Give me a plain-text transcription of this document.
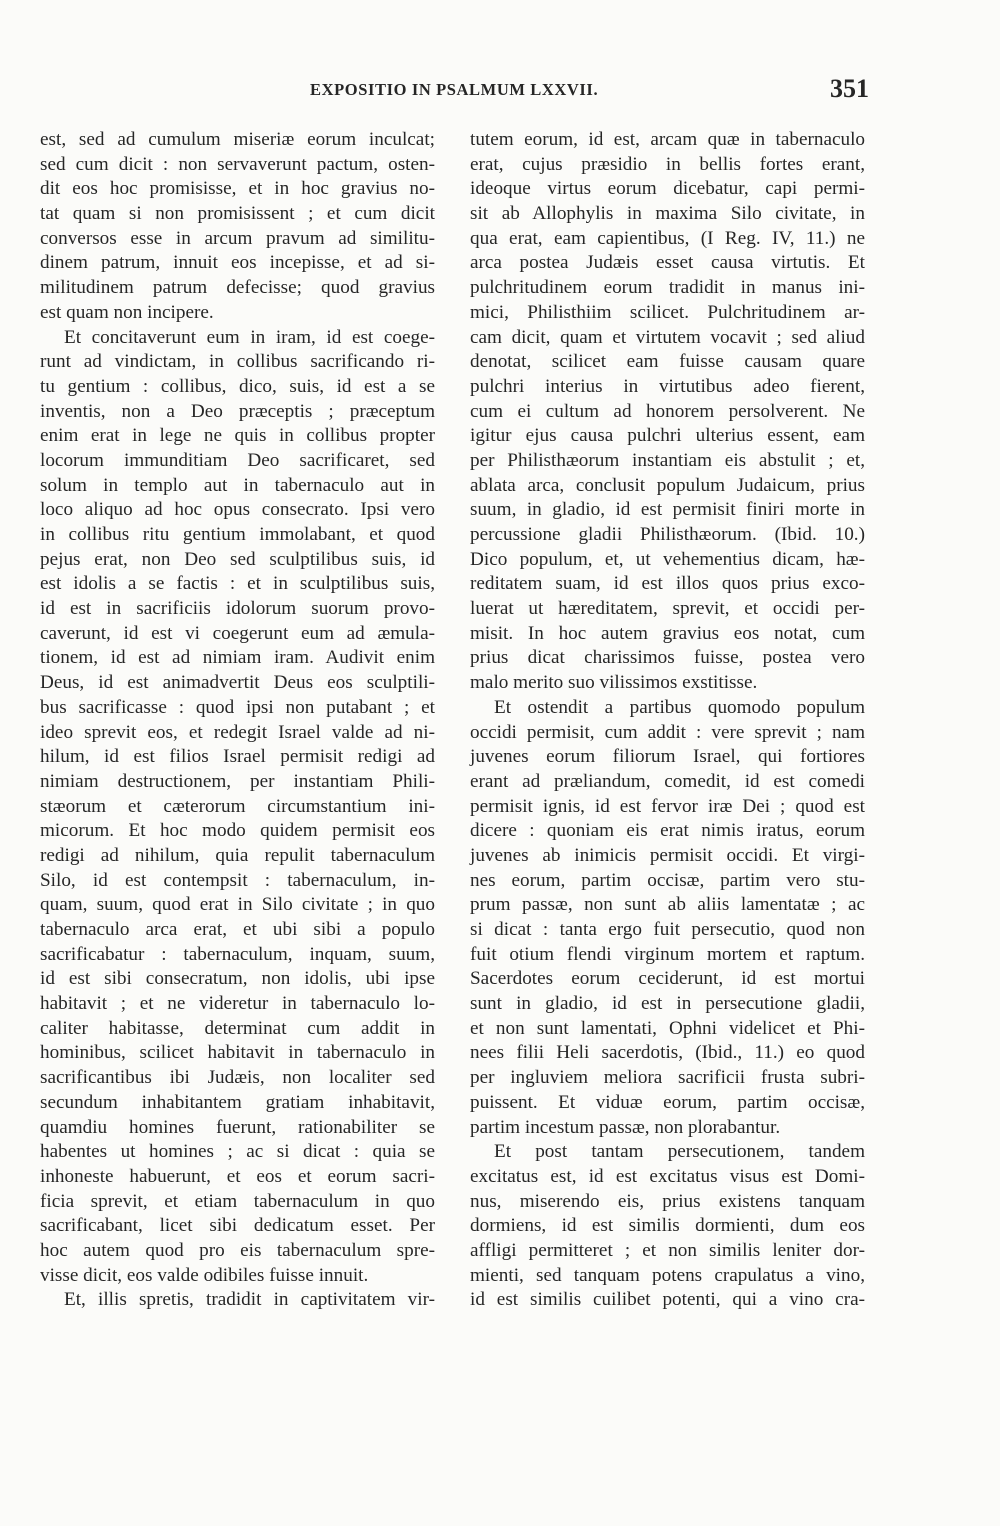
EXPOSITIO IN PSALMUM LXXVII.	351
est, sed ad cumulum miseriæ eorum inculcat;
sed cum dicit : non servaverunt pactum, osten-
dit eos hoc promisisse, et in hoc gravius no-
tat quam si non promisissent ; et cum dicit
conversos esse in arcum pravum ad similitu-
dinem patrum, innuit eos incepisse, et ad si-
militudinem patrum defecisse; quod gravius
est quam non incipere.
Et concitaverunt eum in iram, id est coege-
runt ad vindictam, in collibus sacrificando ri-
tu gentium : collibus, dico, suis, id est a se
inventis, non a Deo præceptis ; præceptum
enim erat in lege ne quis in collibus propter
locorum immunditiam Deo sacrificaret, sed
solum in templo aut in tabernaculo aut in
loco aliquo ad hoc opus consecrato. Ipsi vero
in collibus ritu gentium immolabant, et quod
pejus erat, non Deo sed sculptilibus suis, id
est idolis a se factis : et in sculptilibus suis,
id est in sacrificiis idolorum suorum provo-
caverunt, id est vi coegerunt eum ad æmula-
tionem, id est ad nimiam iram. Audivit enim
Deus, id est animadvertit Deus eos sculptili-
bus sacrificasse : quod ipsi non putabant ; et
ideo sprevit eos, et redegit Israel valde ad ni-
hilum, id est filios Israel permisit redigi ad
nimiam destructionem, per instantiam Phili-
stæorum et cæterorum circumstantium ini-
micorum. Et hoc modo quidem permisit eos
redigi ad nihilum, quia repulit tabernaculum
Silo, id est contempsit : tabernaculum, in-
quam, suum, quod erat in Silo civitate ; in quo
tabernaculo arca erat, et ubi sibi a populo
sacrificabatur : tabernaculum, inquam, suum,
id est sibi consecratum, non idolis, ubi ipse
habitavit ; et ne videretur in tabernaculo lo-
caliter habitasse, determinat cum addit in
hominibus, scilicet habitavit in tabernaculo in
sacrificantibus ibi Judæis, non localiter sed
secundum inhabitantem gratiam inhabitavit,
quamdiu homines fuerunt, rationabiliter se
habentes ut homines ; ac si dicat : quia se
inhoneste habuerunt, et eos et eorum sacri-
ficia sprevit, et etiam tabernaculum in quo
sacrificabant, licet sibi dedicatum esset. Per
hoc autem quod pro eis tabernaculum spre-
visse dicit, eos valde odibiles fuisse innuit.
Et, illis spretis, tradidit in captivitatem vir-
tutem eorum, id est, arcam quæ in tabernaculo
erat, cujus præsidio in bellis fortes erant,
ideoque virtus eorum dicebatur, capi permi-
sit ab Allophylis in maxima Silo civitate, in
qua erat, eam capientibus, (I Reg. IV, 11.) ne
arca postea Judæis esset causa virtutis. Et
pulchritudinem eorum tradidit in manus ini-
mici, Philisthiim scilicet. Pulchritudinem ar-
cam dicit, quam et virtutem vocavit ; sed aliud
denotat, scilicet eam fuisse causam quare
pulchri interius in virtutibus adeo fierent,
cum ei cultum ad honorem persolverent. Ne
igitur ejus causa pulchri ulterius essent, eam
per Philisthæorum instantiam eis abstulit ; et,
ablata arca, conclusit populum Judaicum, prius
suum, in gladio, id est permisit finiri morte in
percussione gladii Philisthæorum. (Ibid. 10.)
Dico populum, et, ut vehementius dicam, hæ-
reditatem suam, id est illos quos prius exco-
luerat ut hæreditatem, sprevit, et occidi per-
misit. In hoc autem gravius eos notat, cum
prius dicat charissimos fuisse, postea vero
malo merito suo vilissimos exstitisse.
Et ostendit a partibus quomodo populum
occidi permisit, cum addit : vere sprevit ; nam
juvenes eorum filiorum Israel, qui fortiores
erant ad præliandum, comedit, id est comedi
permisit ignis, id est fervor iræ Dei ; quod est
dicere : quoniam eis erat nimis iratus, eorum
juvenes ab inimicis permisit occidi. Et virgi-
nes eorum, partim occisæ, partim vero stu-
prum passæ, non sunt ab aliis lamentatæ ; ac
si dicat : tanta ergo fuit persecutio, quod non
fuit otium flendi virginum mortem et raptum.
Sacerdotes eorum ceciderunt, id est mortui
sunt in gladio, id est in persecutione gladii,
et non sunt lamentati, Ophni videlicet et Phi-
nees filii Heli sacerdotis, (Ibid., 11.) eo quod
per ingluviem meliora sacrificii frusta subri-
puissent. Et viduæ eorum, partim occisæ,
partim incestum passæ, non plorabantur.
Et post tantam persecutionem, tandem
excitatus est, id est excitatus visus est Domi-
nus, miserendo eis, prius existens tanquam
dormiens, id est similis dormienti, dum eos
affligi permitteret ; et non similis leniter dor-
mienti, sed tanquam potens crapulatus a vino,
id est similis cuilibet potenti, qui a vino cra-
